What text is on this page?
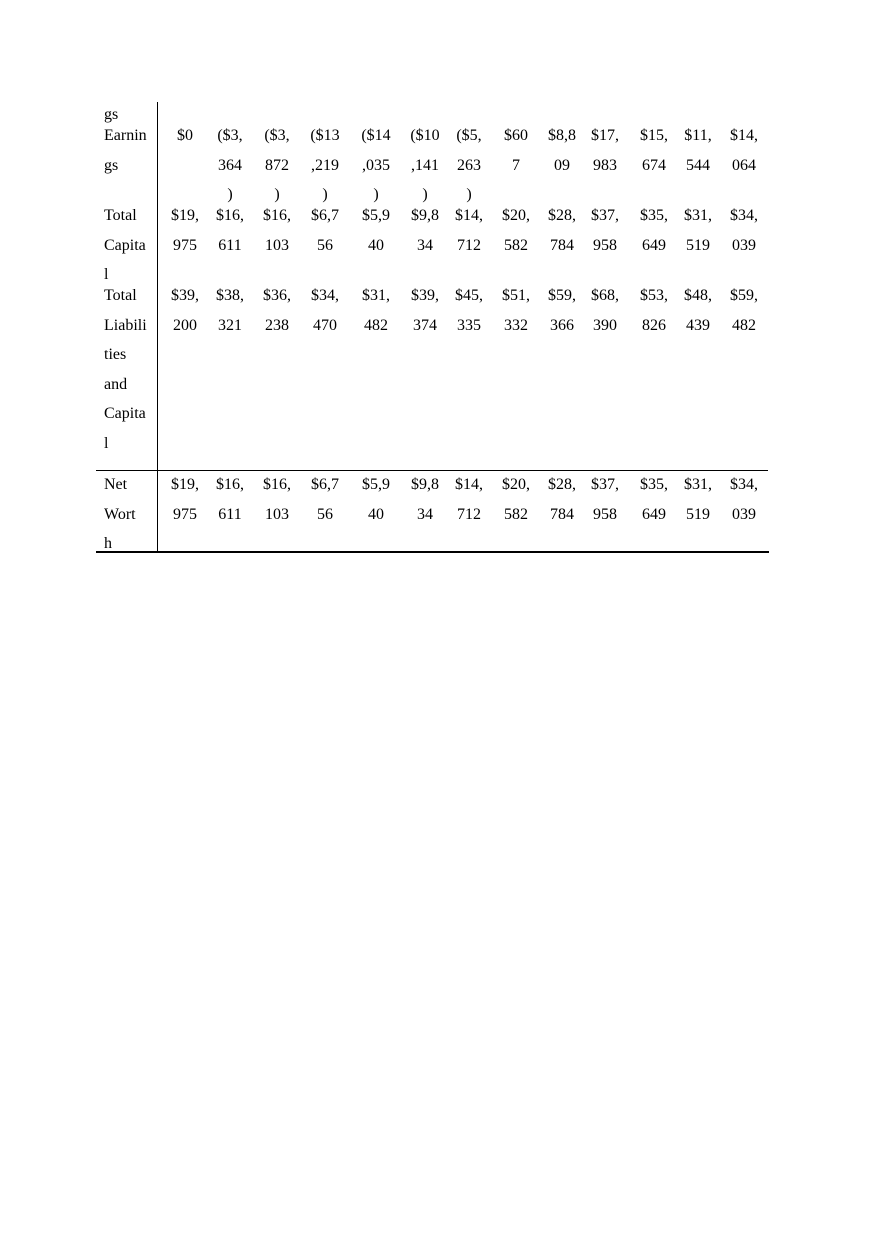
gs
Earnin
gs
$0	($3,
364
)
($3,
872
)
($13
,219
)
($14
,035
)
($10
,141
)
($5,
263
)
$60
7
$8,8
09
$17,
983
$15,
674
$11,
544
$14,
064
Total
Capita
l
$19,
975
$16,
611
$16,
103
$6,7
56
$5,9
40
$9,8
34
$14,
712
$20,
582
$28,
784
$37,
958
$35,
649
$31,
519
$34,
039
Total
Liabili
ties
and
Capita
l
$39,
200
$38,
321
$36,
238
$34,
470
$31,
482
$39,
374
$45,
335
$51,
332
$59,
366
$68,
390
$53,
826
$48,
439
$59,
482
Net
Wort
h
$19,
975
$16,
611
$16,
103
$6,7
56
$5,9
40
$9,8
34
$14,
712
$20,
582
$28,
784
$37,
958
$35,
649
$31,
519
$34,
039
